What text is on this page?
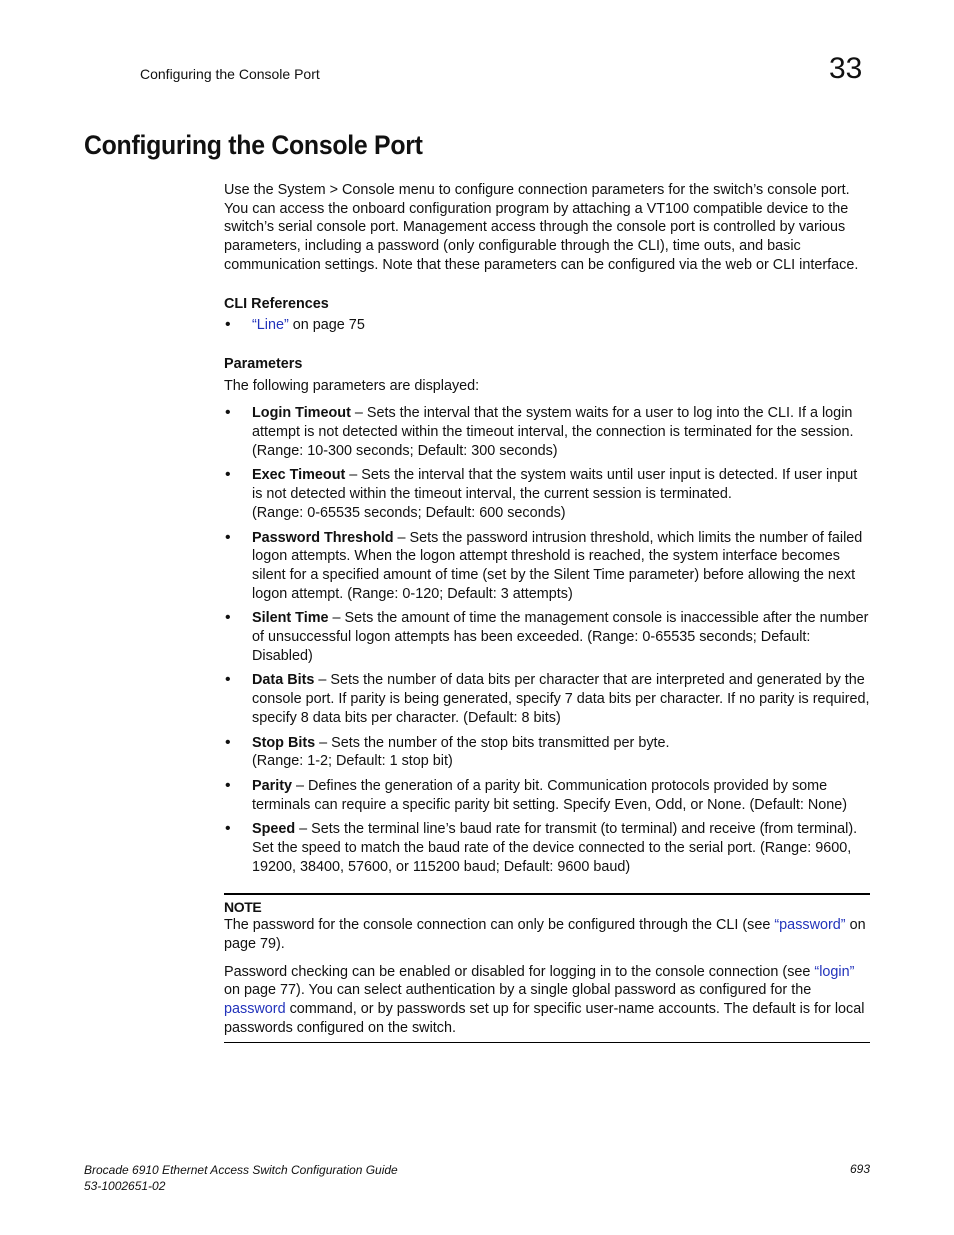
Configuring the Console Port	33
Configuring the Console Port

Use the System > Console menu to configure connection parameters for the switch’s console port. You can access the onboard configuration program by attaching a VT100 compatible device to the switch’s serial console port. Management access through the console port is controlled by various parameters, including a password (only configurable through the CLI), time outs, and basic communication settings. Note that these parameters can be configured via the web or CLI interface.

CLI References

• “Line” on page 75

Parameters

The following parameters are displayed:

• Login Timeout – Sets the interval that the system waits for a user to log into the CLI. If a login attempt is not detected within the timeout interval, the connection is terminated for the session. (Range: 10-300 seconds; Default: 300 seconds)
• Exec Timeout – Sets the interval that the system waits until user input is detected. If user input is not detected within the timeout interval, the current session is terminated.
(Range: 0-65535 seconds; Default: 600 seconds)
• Password Threshold – Sets the password intrusion threshold, which limits the number of failed logon attempts. When the logon attempt threshold is reached, the system interface becomes silent for a specified amount of time (set by the Silent Time parameter) before allowing the next logon attempt. (Range: 0-120; Default: 3 attempts)
• Silent Time – Sets the amount of time the management console is inaccessible after the number of unsuccessful logon attempts has been exceeded. (Range: 0-65535 seconds; Default: Disabled)
• Data Bits – Sets the number of data bits per character that are interpreted and generated by the console port. If parity is being generated, specify 7 data bits per character. If no parity is required, specify 8 data bits per character. (Default: 8 bits)
• Stop Bits – Sets the number of the stop bits transmitted per byte.
(Range: 1-2; Default: 1 stop bit)
• Parity – Defines the generation of a parity bit. Communication protocols provided by some terminals can require a specific parity bit setting. Specify Even, Odd, or None. (Default: None)
• Speed – Sets the terminal line’s baud rate for transmit (to terminal) and receive (from terminal). Set the speed to match the baud rate of the device connected to the serial port. (Range: 9600, 19200, 38400, 57600, or 115200 baud; Default: 9600 baud)
NOTE

The password for the console connection can only be configured through the CLI (see “password” on page 79).

Password checking can be enabled or disabled for logging in to the console connection (see “login” on page 77). You can select authentication by a single global password as configured for the password command, or by passwords set up for specific user-name accounts. The default is for local passwords configured on the switch.

Brocade 6910 Ethernet Access Switch Configuration Guide
53-1002651-02
693
